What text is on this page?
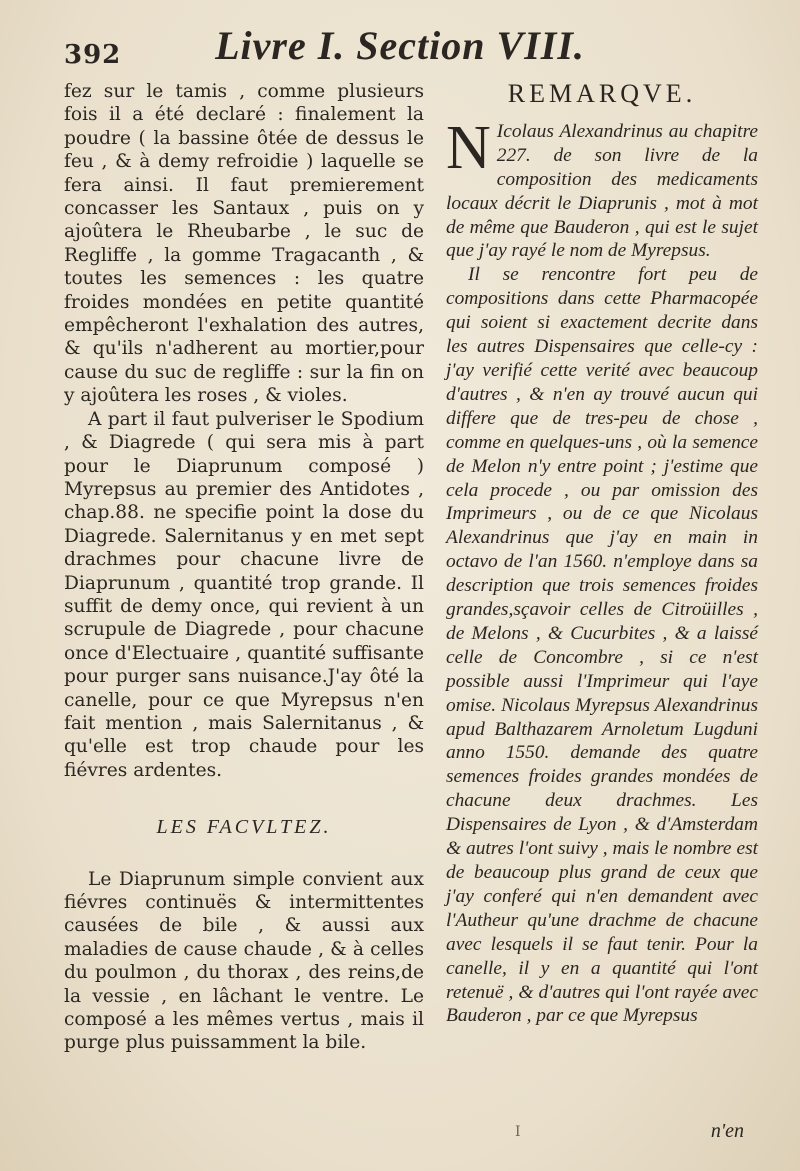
392	Livre I. Section VIII.

fez sur le tamis , comme plusieurs fois il a été declaré : finalement la poudre ( la bassine ôtée de dessus le feu , & à demy refroidie ) laquelle se fera ainsi. Il faut premierement concasser les Santaux , puis on y ajoûtera le Rheubarbe , le suc de Regliffe , la gomme Tragacanth , & toutes les semences : les quatre froides mondées en petite quantité empêcheront l'exhalation des autres, & qu'ils n'adherent au mortier,pour cause du suc de regliffe : sur la fin on y ajoûtera les roses , & violes.

A part il faut pulveriser le Spodium , & Diagrede ( qui sera mis à part pour le Diaprunum composé ) Myrepsus au premier des Antidotes , chap.88. ne specifie point la dose du Diagrede. Salernitanus y en met sept drachmes pour chacune livre de Diaprunum , quantité trop grande. Il suffit de demy once, qui revient à un scrupule de Diagrede , pour chacune once d'Electuaire , quantité suffisante pour purger sans nuisance.J'ay ôté la canelle, pour ce que Myrepsus n'en fait mention , mais Salernitanus , & qu'elle est trop chaude pour les fiévres ardentes.

LES FACVLTEZ.

Le Diaprunum simple convient aux fiévres continuës & intermittentes causées de bile , & aussi aux maladies de cause chaude , & à celles du poulmon , du thorax , des reins,de la vessie , en lâchant le ventre. Le composé a les mêmes vertus , mais il purge plus puissamment la bile.

REMARQVE.

N Icolaus Alexandrinus au chapitre 227. de son livre de la composition des medicaments locaux décrit le Diaprunis , mot à mot de même que Bauderon , qui est le sujet que j'ay rayé le nom de Myrepsus.

Il se rencontre fort peu de compositions dans cette Pharmacopée qui soient si exactement decrite dans les autres Dispensaires que celle-cy : j'ay verifié cette verité avec beaucoup d'autres , & n'en ay trouvé aucun qui differe que de tres-peu de chose , comme en quelques-uns , où la semence de Melon n'y entre point ; j'estime que cela procede , ou par omission des Imprimeurs , ou de ce que Nicolaus Alexandrinus que j'ay en main in octavo de l'an 1560. n'employe dans sa description que trois semences froides grandes,sçavoir celles de Citroüilles , de Melons , & Cucurbites , & a laissé celle de Concombre , si ce n'est possible aussi l'Imprimeur qui l'aye omise. Nicolaus Myrepsus Alexandrinus apud Balthazarem Arnoletum Lugduni anno 1550. demande des quatre semences froides grandes mondées de chacune deux drachmes. Les Dispensaires de Lyon , & d'Amsterdam & autres l'ont suivy , mais le nombre est de beaucoup plus grand de ceux que j'ay conferé qui n'en demandent avec l'Autheur qu'une drachme de chacune avec lesquels il se faut tenir. Pour la canelle, il y en a quantité qui l'ont retenuë , & d'autres qui l'ont rayée avec Bauderon , par ce que Myrepsus

I	n'en
